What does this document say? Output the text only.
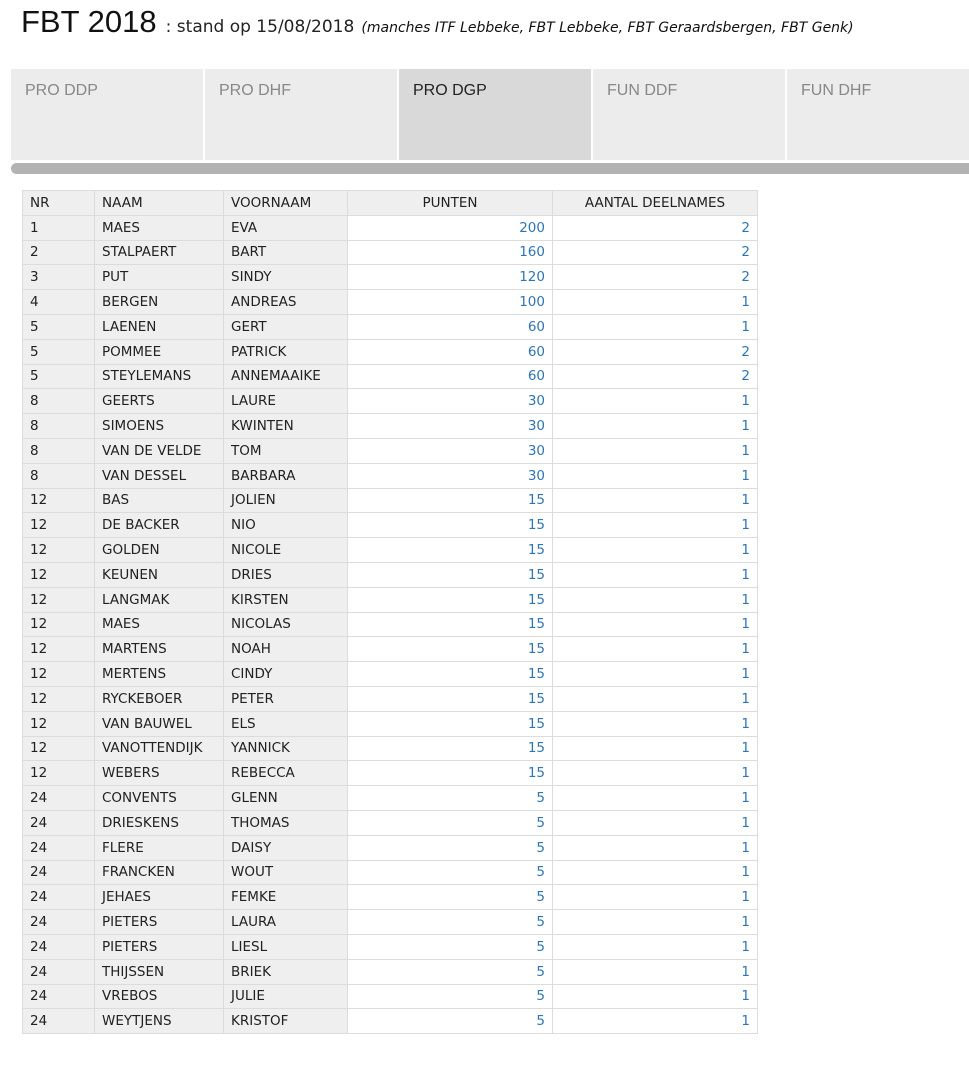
FBT 2018 : stand op 15/08/2018 (manches ITF Lebbeke, FBT Lebbeke, FBT Geraardsbergen, FBT Genk)
PRO DDP	PRO DHF	PRO DGP	FUN DDF	FUN DHF
NR	NAAM	VOORNAAM	PUNTEN	AANTAL DEELNAMES
1	MAES	EVA	200	2
2	STALPAERT	BART	160	2
3	PUT	SINDY	120	2
4	BERGEN	ANDREAS	100	1
5	LAENEN	GERT	60	1
5	POMMEE	PATRICK	60	2
5	STEYLEMANS	ANNEMAAIKE	60	2
8	GEERTS	LAURE	30	1
8	SIMOENS	KWINTEN	30	1
8	VAN DE VELDE	TOM	30	1
8	VAN DESSEL	BARBARA	30	1
12	BAS	JOLIEN	15	1
12	DE BACKER	NIO	15	1
12	GOLDEN	NICOLE	15	1
12	KEUNEN	DRIES	15	1
12	LANGMAK	KIRSTEN	15	1
12	MAES	NICOLAS	15	1
12	MARTENS	NOAH	15	1
12	MERTENS	CINDY	15	1
12	RYCKEBOER	PETER	15	1
12	VAN BAUWEL	ELS	15	1
12	VANOTTENDIJK	YANNICK	15	1
12	WEBERS	REBECCA	15	1
24	CONVENTS	GLENN	5	1
24	DRIESKENS	THOMAS	5	1
24	FLERE	DAISY	5	1
24	FRANCKEN	WOUT	5	1
24	JEHAES	FEMKE	5	1
24	PIETERS	LAURA	5	1
24	PIETERS	LIESL	5	1
24	THIJSSEN	BRIEK	5	1
24	VREBOS	JULIE	5	1
24	WEYTJENS	KRISTOF	5	1
